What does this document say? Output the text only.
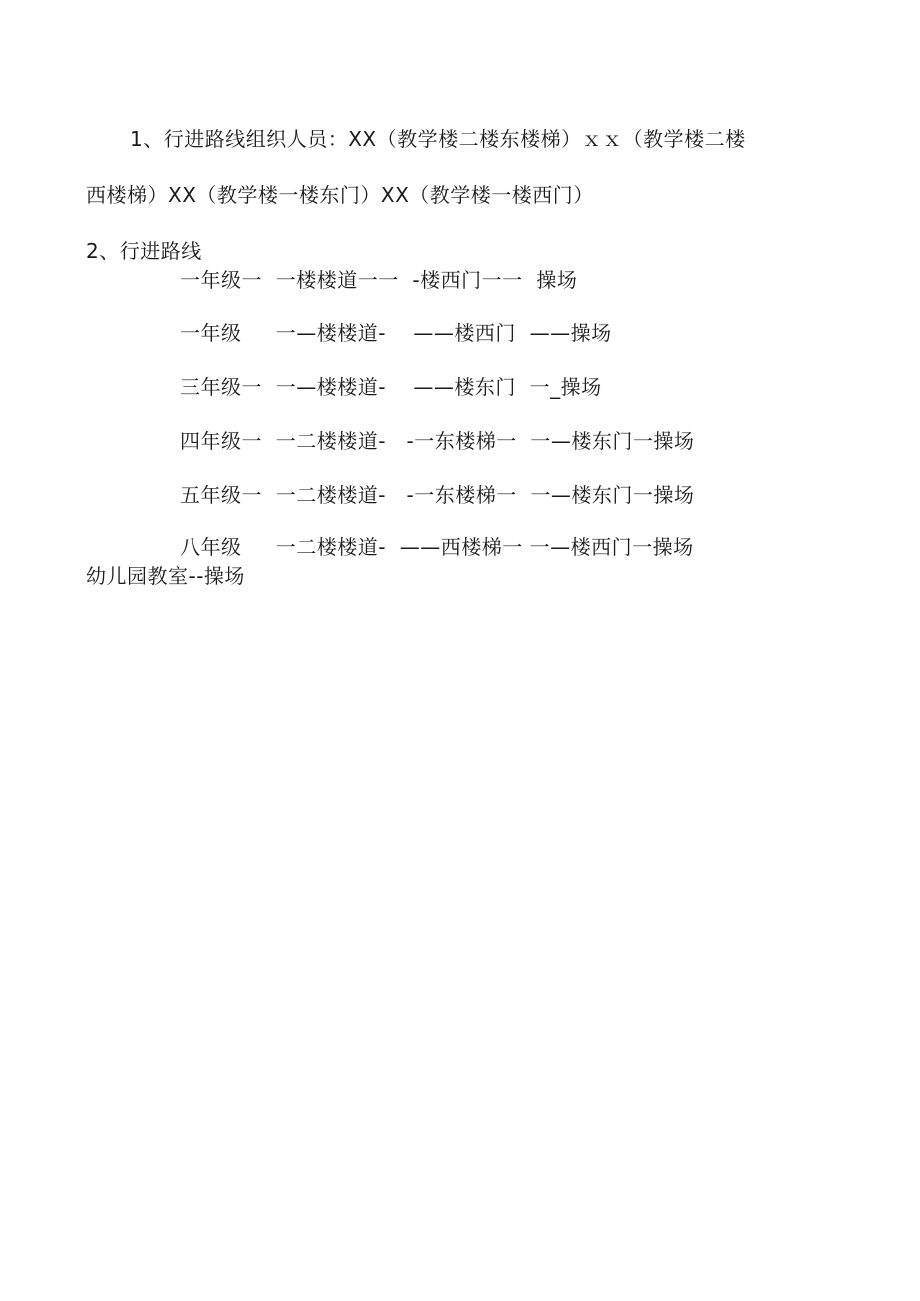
1、行进路线组织人员：XX（教学楼二楼东楼梯）ｘｘ（教学楼二楼
西楼梯）XX（教学楼一楼东门）XX（教学楼一楼西门）
2、行进路线
一年级一  一楼楼道一一  -楼西门一一  操场
一年级     一—楼楼道-    ——楼西门  ——操场
三年级一  一—楼楼道-    ——楼东门  一_操场
四年级一  一二楼楼道-   -一东楼梯一  一—楼东门一操场
五年级一  一二楼楼道-   -一东楼梯一  一—楼东门一操场
八年级     一二楼楼道-  ——西楼梯一 一—楼西门一操场
幼儿园教室--操场
